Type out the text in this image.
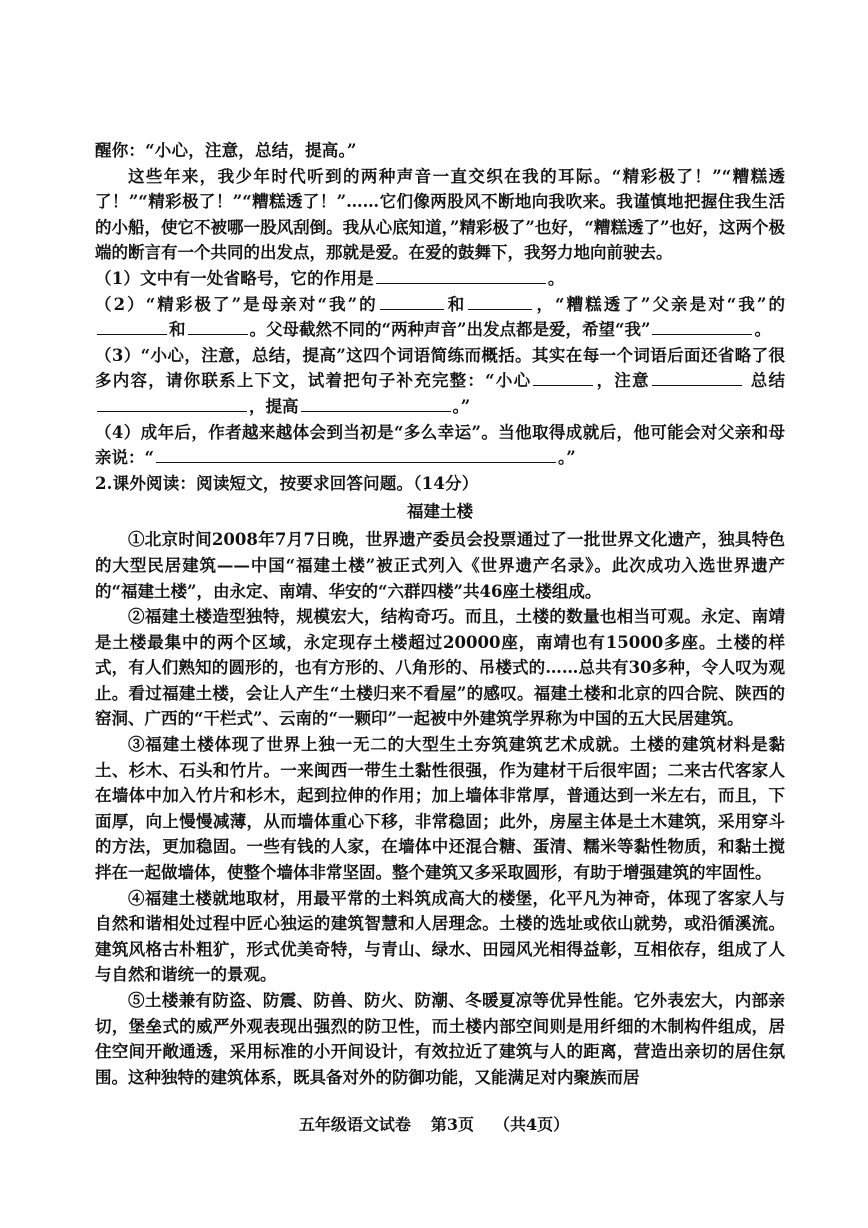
醒你：“小心，注意，总结，提高。”

这些年来，我少年时代听到的两种声音一直交织在我的耳际。“精彩极了！”“糟糕透了！”“精彩极了！”“糟糕透了！”……它们像两股风不断地向我吹来。我谨慎地把握住我生活的小船，使它不被哪一股风刮倒。我从心底知道，”精彩极了”也好，“糟糕透了”也好，这两个极端的断言有一个共同的出发点，那就是爱。在爱的鼓舞下，我努力地向前驶去。

（1）文中有一处省略号，它的作用是	。

（2）“精彩极了”是母亲对“我”的	和	，“糟糕透了”父亲是对“我”的和	。父母截然不同的“两种声音”出发点都是爱，希望“我”	。

（3）“小心，注意，总结，提高”这四个词语简练而概括。其实在每一个词语后面还省略了很多内容，请你联系上下文，试着把句子补充完整：“小心	，注意	总结，提高	。”

（4）成年后，作者越来越体会到当初是“多么幸运”。当他取得成就后，他可能会对父亲和母亲说：“	。”

2.课外阅读：阅读短文，按要求回答问题。（14分）

福建土楼

①北京时间2008年7月7日晚，世界遗产委员会投票通过了一批世界文化遗产，独具特色的大型民居建筑——中国“福建土楼”被正式列入《世界遗产名录》。此次成功入选世界遗产的“福建土楼”，由永定、南靖、华安的“六群四楼”共46座土楼组成。

②福建土楼造型独特，规模宏大，结构奇巧。而且，土楼的数量也相当可观。永定、南靖是土楼最集中的两个区域，永定现存土楼超过20000座，南靖也有15000多座。土楼的样式，有人们熟知的圆形的，也有方形的、八角形的、吊楼式的……总共有30多种，令人叹为观止。看过福建土楼，会让人产生“土楼归来不看屋”的感叹。福建土楼和北京的四合院、陕西的窑洞、广西的“干栏式”、云南的“一颗印”一起被中外建筑学界称为中国的五大民居建筑。

③福建土楼体现了世界上独一无二的大型生土夯筑建筑艺术成就。土楼的建筑材料是黏土、杉木、石头和竹片。一来闽西一带生土黏性很强，作为建材干后很牢固；二来古代客家人在墙体中加入竹片和杉木，起到拉伸的作用；加上墙体非常厚，普通达到一米左右，而且，下面厚，向上慢慢减薄，从而墙体重心下移，非常稳固；此外，房屋主体是土木建筑，采用穿斗的方法，更加稳固。一些有钱的人家，在墙体中还混合糖、蛋清、糯米等黏性物质，和黏土搅拌在一起做墙体，使整个墙体非常坚固。整个建筑又多采取圆形，有助于增强建筑的牢固性。

④福建土楼就地取材，用最平常的土料筑成高大的楼堡，化平凡为神奇，体现了客家人与自然和谐相处过程中匠心独运的建筑智慧和人居理念。土楼的选址或依山就势，或沿循溪流。建筑风格古朴粗犷，形式优美奇特，与青山、绿水、田园风光相得益彰，互相依存，组成了人与自然和谐统一的景观。

⑤土楼兼有防盗、防震、防兽、防火、防潮、冬暖夏凉等优异性能。它外表宏大，内部亲切，堡垒式的威严外观表现出强烈的防卫性，而土楼内部空间则是用纤细的木制构件组成，居住空间开敞通透，采用标准的小开间设计，有效拉近了建筑与人的距离，营造出亲切的居住氛围。这种独特的建筑体系，既具备对外的防御功能，又能满足对内聚族而居

五年级语文试卷 第3页 （共4页）
